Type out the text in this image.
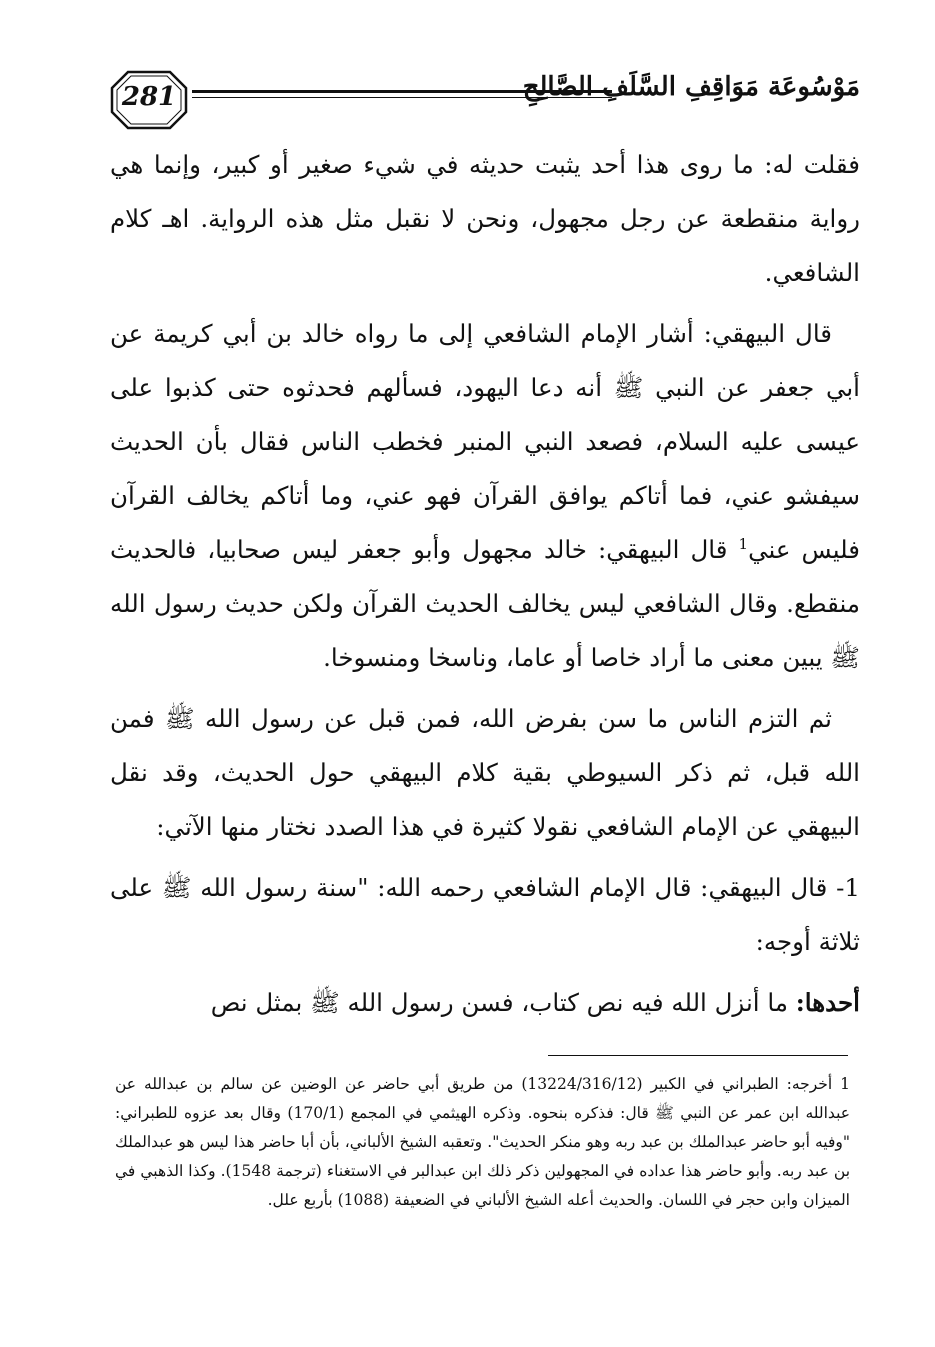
281	مَوْسُوعَة مَوَاقِفِ السَّلَفِ الصَّالِحِ

فقلت له: ما روى هذا أحد يثبت حديثه في شيء صغير أو كبير، وإنما هي رواية منقطعة عن رجل مجهول، ونحن لا نقبل مثل هذه الرواية. اهـ كلام الشافعي.

قال البيهقي: أشار الإمام الشافعي إلى ما رواه خالد بن أبي كريمة عن أبي جعفر عن النبي ﷺ أنه دعا اليهود، فسألهم فحدثوه حتى كذبوا على عيسى عليه السلام، فصعد النبي المنبر فخطب الناس فقال بأن الحديث سيفشو عني، فما أتاكم يوافق القرآن فهو عني، وما أتاكم يخالف القرآن فليس عني$^1$ قال البيهقي: خالد مجهول وأبو جعفر ليس صحابيا، فالحديث منقطع. وقال الشافعي ليس يخالف الحديث القرآن ولكن حديث رسول الله ﷺ يبين معنى ما أراد خاصا أو عاما، وناسخا ومنسوخا.

ثم التزم الناس ما سن بفرض الله، فمن قبل عن رسول الله ﷺ فمن الله قبل، ثم ذكر السيوطي بقية كلام البيهقي حول الحديث، وقد نقل البيهقي عن الإمام الشافعي نقولا كثيرة في هذا الصدد نختار منها الآتي:

1- قال البيهقي: قال الإمام الشافعي رحمه الله: "سنة رسول الله ﷺ على ثلاثة أوجه:

أحدها: ما أنزل الله فيه نص كتاب، فسن رسول الله ﷺ بمثل نص

1 أخرجه: الطبراني في الكبير (13224/316/12) من طريق أبي حاضر عن الوضين عن سالم بن عبدالله عن عبدالله ابن عمر عن النبي ﷺ قال: فذكره بنحوه. وذكره الهيثمي في المجمع (170/1) وقال بعد عزوه للطبراني: "وفيه أبو حاضر عبدالملك بن عبد ربه وهو منكر الحديث". وتعقبه الشيخ الألباني، بأن أبا حاضر هذا ليس هو عبدالملك بن عبد ربه. وأبو حاضر هذا عداده في المجهولين ذكر ذلك ابن عبدالبر في الاستغناء (ترجمة 1548). وكذا الذهبي في الميزان وابن حجر في اللسان. والحديث أعله الشيخ الألباني في الضعيفة (1088) بأربع علل.
